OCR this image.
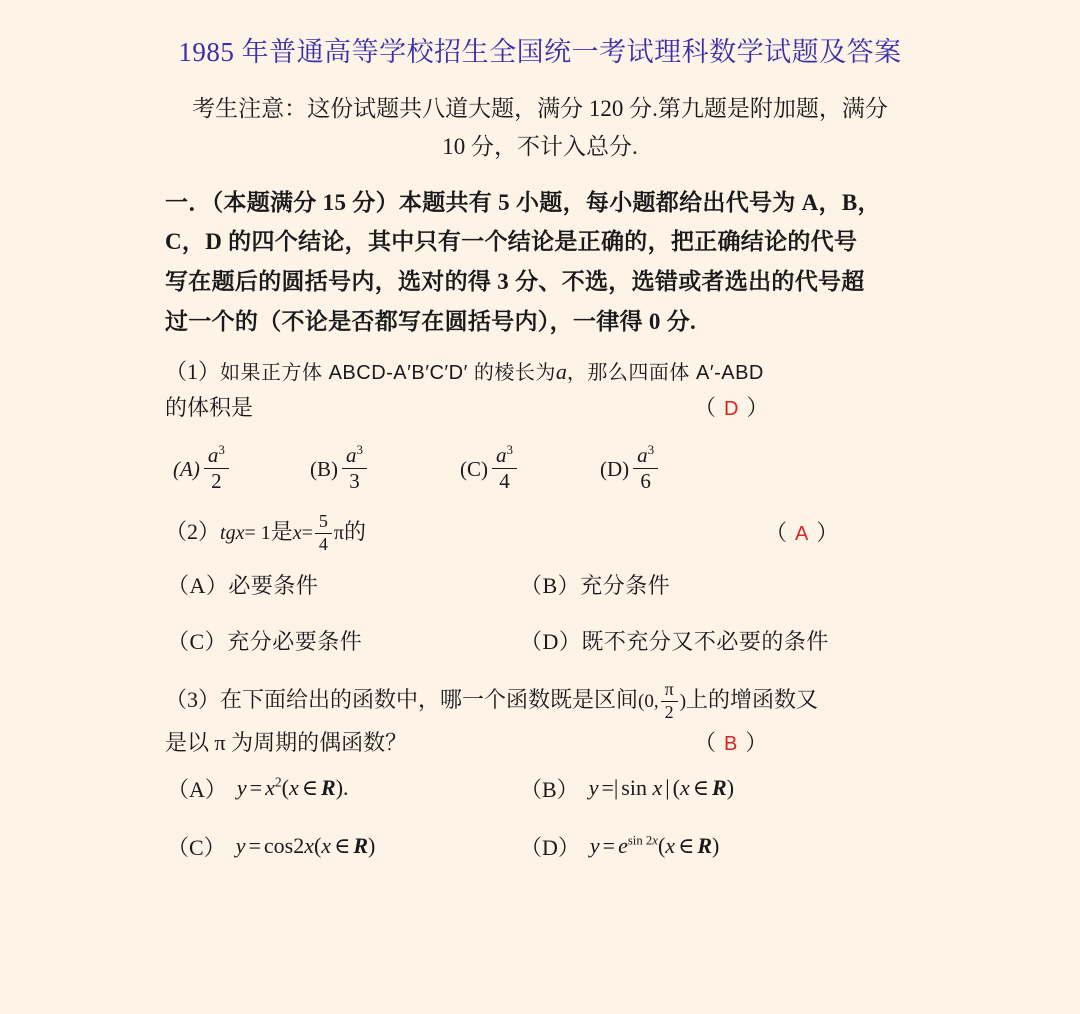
1985 年普通高等学校招生全国统一考试理科数学试题及答案
考生注意：这份试题共八道大题，满分 120 分.第九题是附加题，满分
10 分，不计入总分.
一．（本题满分 15 分）本题共有 5 小题，每小题都给出代号为 A，B，
C，D 的四个结论，其中只有一个结论是正确的，把正确结论的代号
写在题后的圆括号内，选对的得 3 分、不选，选错或者选出的代号超
过一个的（不论是否都写在圆括号内），一律得 0 分.
（1）如果正方体 ABCD-A′B′C′D′ 的棱长为a，那么四面体 A′-ABD
的体积是	（ D ）
$(A) \frac{a^3}{2}$	$(B) \frac{a^3}{3}$	$(C) \frac{a^3}{4}$	$(D) \frac{a^3}{6}$
（2）tgx= 1是$x= \frac{5}{4}$ π的	（ A ）
（A） 必要条件	（B） 充分条件
（C） 充分必要条件	（D） 既不充分又不必要的条件
（3）在下面给出的函数中，哪一个函数既是区间(0, $\frac{\pi}{2}$ )上的增函数又
是以 π 为周期的偶函数？	（ B ）
（A） $y = x^2(x$ ∈ R).	（B） y =| sin x | (x ∈ R)
（C） y = cos2x(x ∈ R)	（D） $y = e^{sin 2x}(x$ ∈ R)
